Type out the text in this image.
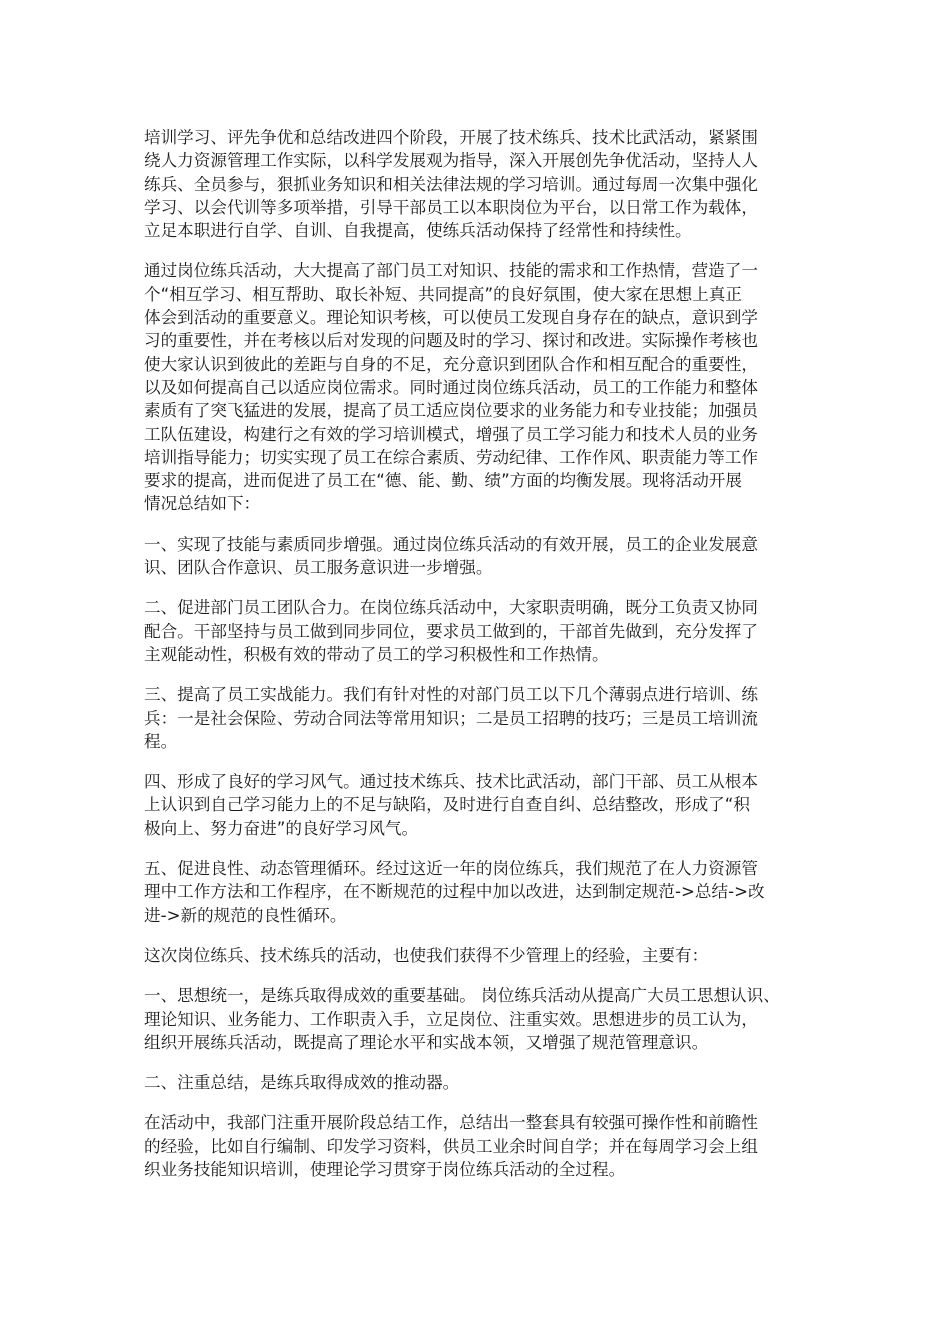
培训学习、评先争优和总结改进四个阶段，开展了技术练兵、技术比武活动，紧紧围
绕人力资源管理工作实际，以科学发展观为指导，深入开展创先争优活动，坚持人人
练兵、全员参与，狠抓业务知识和相关法律法规的学习培训。通过每周一次集中强化
学习、以会代训等多项举措，引导干部员工以本职岗位为平台，以日常工作为载体，
立足本职进行自学、自训、自我提高，使练兵活动保持了经常性和持续性。
通过岗位练兵活动，大大提高了部门员工对知识、技能的需求和工作热情，营造了一
个“相互学习、相互帮助、取长补短、共同提高”的良好氛围，使大家在思想上真正
体会到活动的重要意义。理论知识考核，可以使员工发现自身存在的缺点，意识到学
习的重要性，并在考核以后对发现的问题及时的学习、探讨和改进。实际操作考核也
使大家认识到彼此的差距与自身的不足，充分意识到团队合作和相互配合的重要性，
以及如何提高自己以适应岗位需求。同时通过岗位练兵活动，员工的工作能力和整体
素质有了突飞猛进的发展，提高了员工适应岗位要求的业务能力和专业技能；加强员
工队伍建设，构建行之有效的学习培训模式，增强了员工学习能力和技术人员的业务
培训指导能力；切实实现了员工在综合素质、劳动纪律、工作作风、职责能力等工作
要求的提高，进而促进了员工在“德、能、勤、绩”方面的均衡发展。现将活动开展
情况总结如下：
一、实现了技能与素质同步增强。通过岗位练兵活动的有效开展，员工的企业发展意
识、团队合作意识、员工服务意识进一步增强。
二、促进部门员工团队合力。在岗位练兵活动中，大家职责明确，既分工负责又协同
配合。干部坚持与员工做到同步同位，要求员工做到的，干部首先做到，充分发挥了
主观能动性，积极有效的带动了员工的学习积极性和工作热情。
三、提高了员工实战能力。我们有针对性的对部门员工以下几个薄弱点进行培训、练
兵：一是社会保险、劳动合同法等常用知识；二是员工招聘的技巧；三是员工培训流
程。
四、形成了良好的学习风气。通过技术练兵、技术比武活动，部门干部、员工从根本
上认识到自己学习能力上的不足与缺陷，及时进行自查自纠、总结整改，形成了“积
极向上、努力奋进”的良好学习风气。
五、促进良性、动态管理循环。经过这近一年的岗位练兵，我们规范了在人力资源管
理中工作方法和工作程序，在不断规范的过程中加以改进，达到制定规范->总结->改
进->新的规范的良性循环。
这次岗位练兵、技术练兵的活动，也使我们获得不少管理上的经验，主要有：
一、思想统一，是练兵取得成效的重要基础。 岗位练兵活动从提高广大员工思想认识、
理论知识、业务能力、工作职责入手，立足岗位、注重实效。思想进步的员工认为，
组织开展练兵活动，既提高了理论水平和实战本领，又增强了规范管理意识。
二、注重总结，是练兵取得成效的推动器。
在活动中，我部门注重开展阶段总结工作，总结出一整套具有较强可操作性和前瞻性
的经验，比如自行编制、印发学习资料，供员工业余时间自学；并在每周学习会上组
织业务技能知识培训，使理论学习贯穿于岗位练兵活动的全过程。
